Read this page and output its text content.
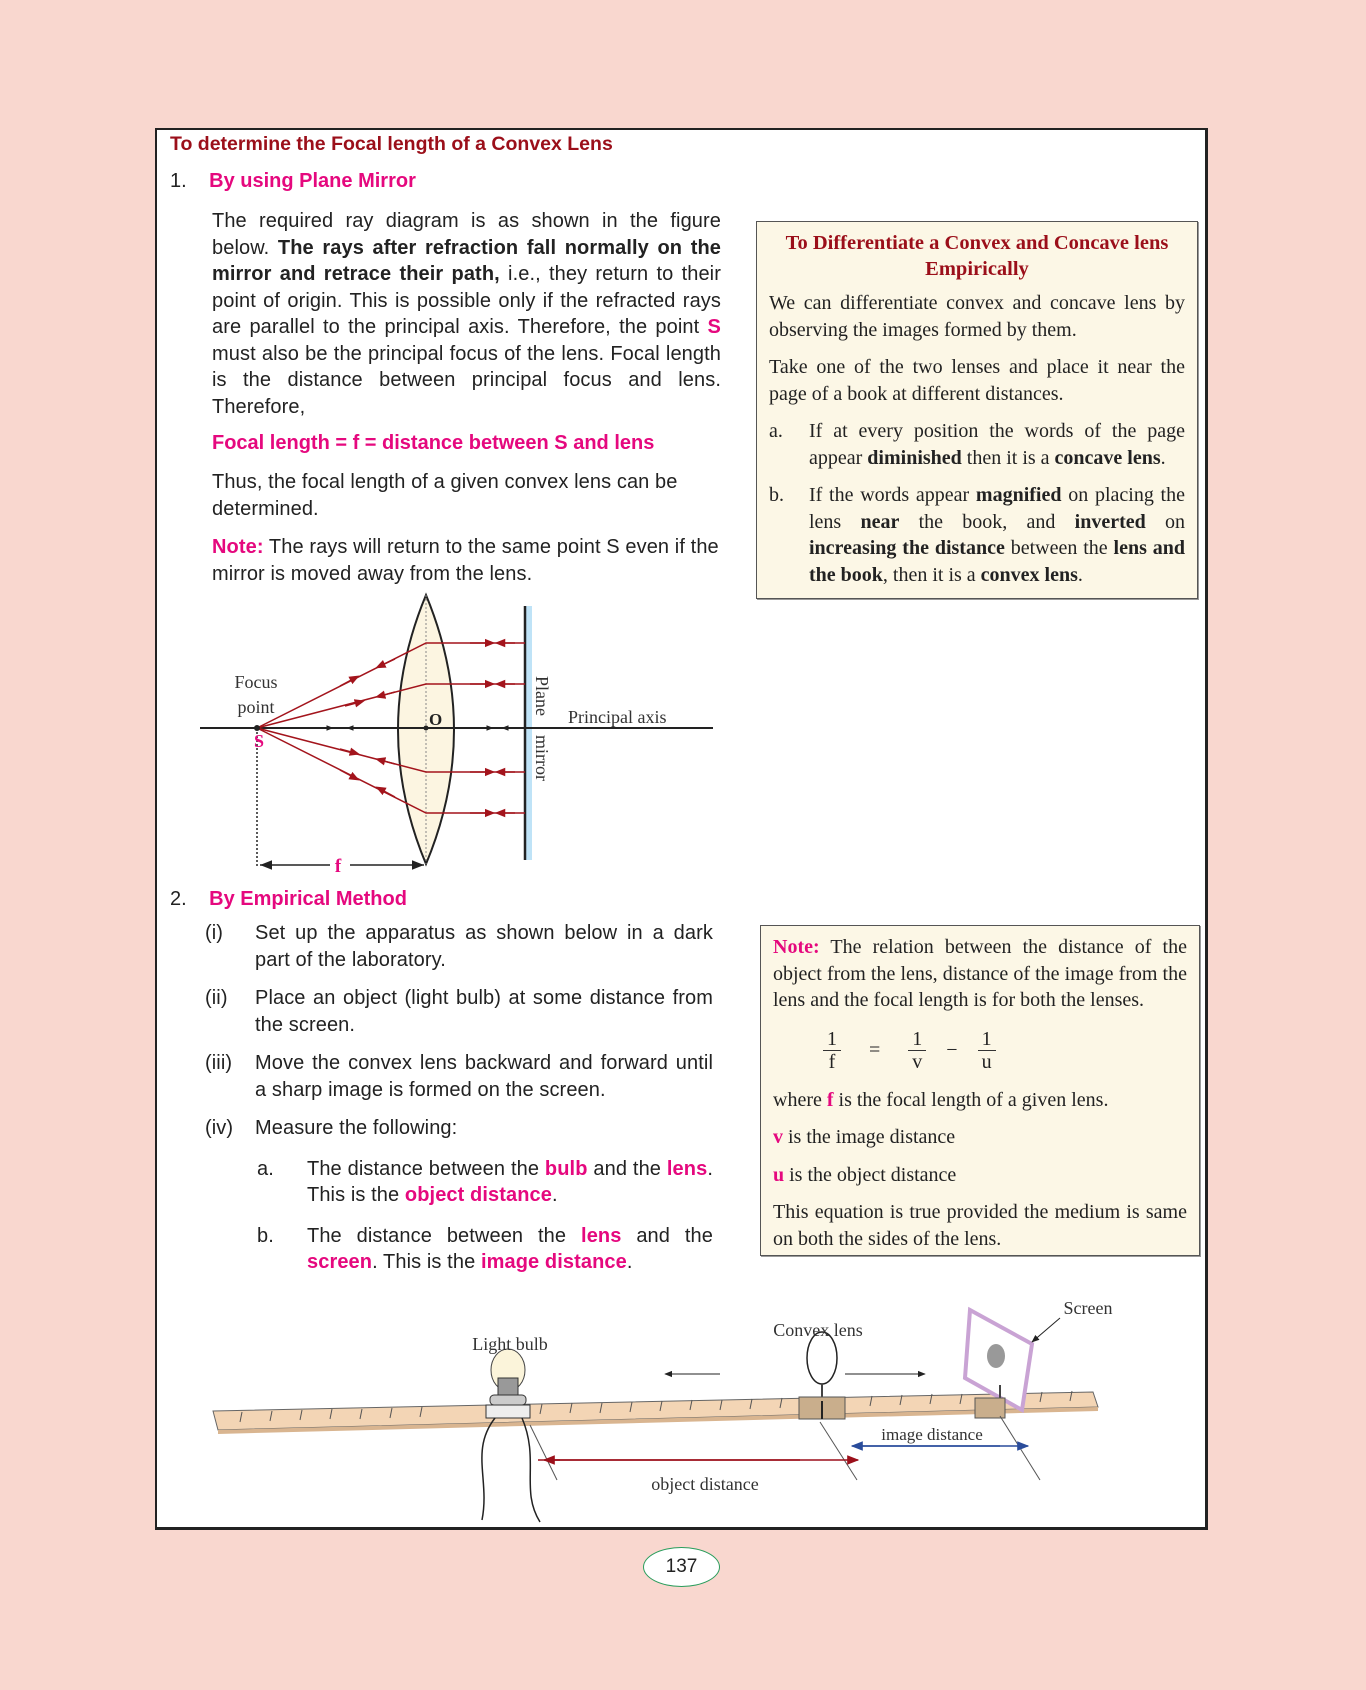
To determine the Focal length of a Convex Lens
1. By using Plane Mirror
The required ray diagram is as shown in the figure below. The rays after refraction fall normally on the mirror and retrace their path, i.e., they return to their point of origin. This is possible only if the refracted rays are parallel to the principal axis. Therefore, the point S must also be the principal focus of the lens. Focal length is the distance between principal focus and lens. Therefore,
Focal length = f = distance between S and lens
Thus, the focal length of a given convex lens can be determined.
Note: The rays will return to the same point S even if the mirror is moved away from the lens.
Focus
point
S
O
Plane
mirror
Principal axis
f
To Differentiate a Convex and Concave lens Empirically
We can differentiate convex and concave lens by observing the images formed by them.
Take one of the two lenses and place it near the page of a book at different distances.
a.	If at every position the words of the page appear diminished then it is a concave lens.
b.	If the words appear magnified on placing the lens near the book, and inverted on increasing the distance between the lens and the book, then it is a convex lens.
2. By Empirical Method
(i)	Set up the apparatus as shown below in a dark part of the laboratory.
(ii)	Place an object (light bulb) at some distance from the screen.
(iii)	Move the convex lens backward and forward until a sharp image is formed on the screen.
(iv)	Measure the following:
a.	The distance between the bulb and the lens. This is the object distance.
b.	The distance between the lens and the screen. This is the image distance.
Note: The relation between the distance of the object from the lens, distance of the image from the lens and the focal length is for both the lenses.
$\frac{1}{f} = \frac{1}{v} - \frac{1}{u}$
where f is the focal length of a given lens.
v is the image distance
u is the object distance
This equation is true provided the medium is same on both the sides of the lens.
Light bulb
Convex lens
Screen
object distance
image distance
137
